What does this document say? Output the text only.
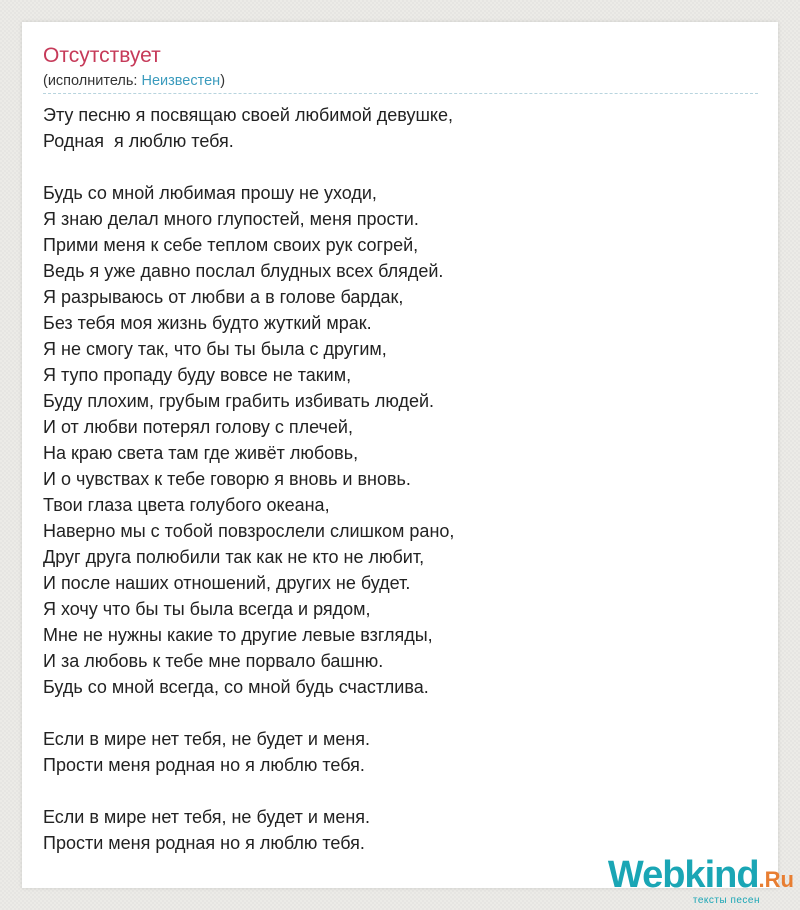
Отсутствует
(исполнитель: Неизвестен)
Эту песню я посвящаю своей любимой девушке,
Родная  я люблю тебя.
Будь со мной любимая прошу не уходи,
Я знаю делал много глупостей, меня прости.
Прими меня к себе теплом своих рук согрей,
Ведь я уже давно послал блудных всех блядей.
Я разрываюсь от любви а в голове бардак,
Без тебя моя жизнь будто жуткий мрак.
Я не смогу так, что бы ты была с другим,
Я тупо пропаду буду вовсе не таким,
Буду плохим, грубым грабить избивать людей.
И от любви потерял голову с плечей,
На краю света там где живёт любовь,
И о чувствах к тебе говорю я вновь и вновь.
Твои глаза цвета голубого океана,
Наверно мы с тобой повзрослели слишком рано,
Друг друга полюбили так как не кто не любит,
И после наших отношений, других не будет.
Я хочу что бы ты была всегда и рядом,
Мне не нужны какие то другие левые взгляды,
И за любовь к тебе мне порвало башню.
Будь со мной всегда, со мной будь счастлива.
Если в мире нет тебя, не будет и меня.
Прости меня родная но я люблю тебя.
Если в мире нет тебя, не будет и меня.
Прости меня родная но я люблю тебя.
Webkind.Ru
тексты песен
